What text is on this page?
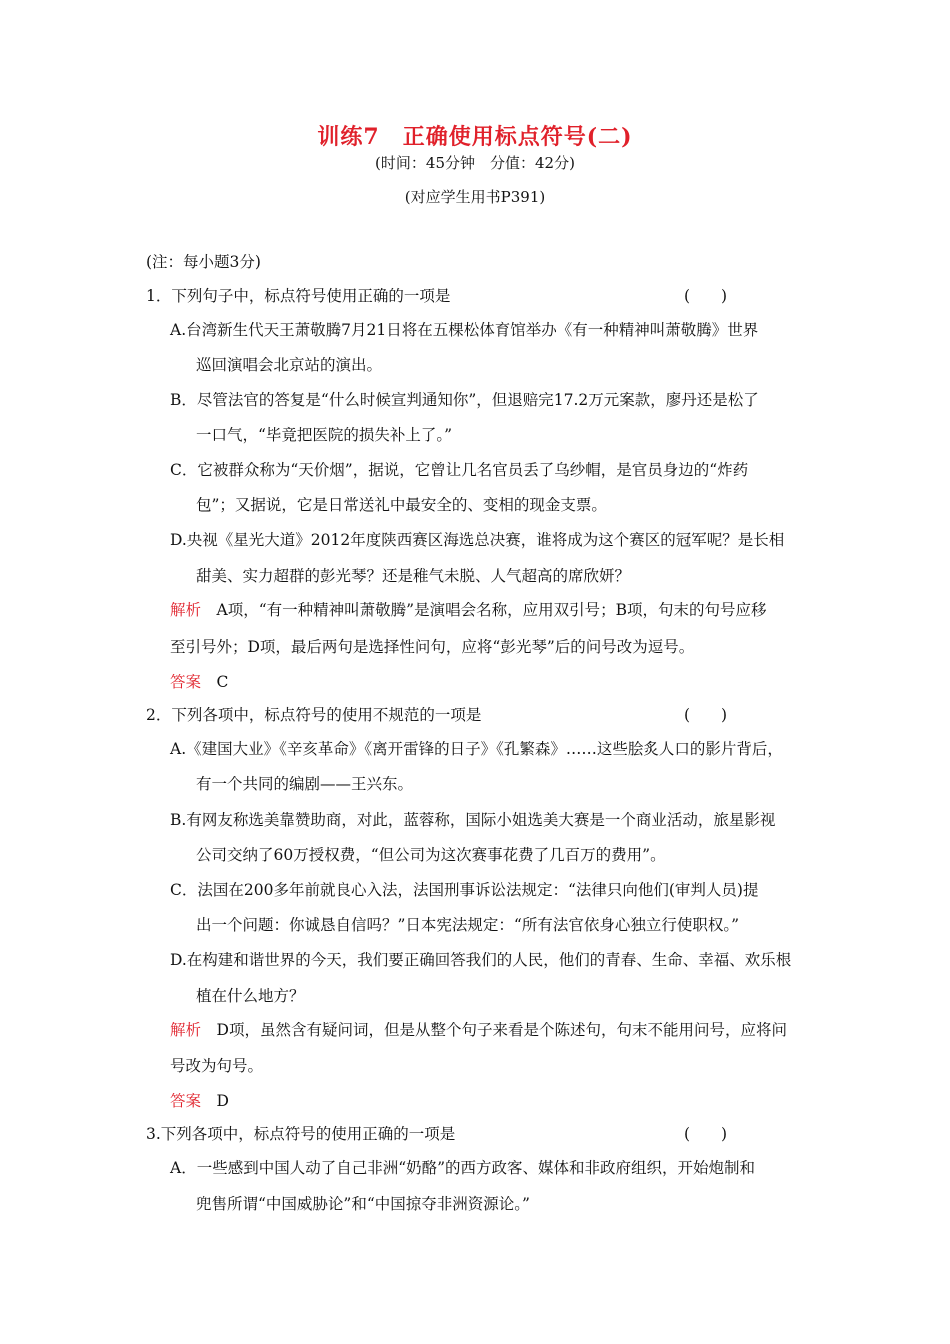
训练7　正确使用标点符号(二)
(时间：45分钟　分值：42分)
(对应学生用书P391)
(注：每小题3分)
1．下列句子中，标点符号使用正确的一项是	(　　)
A.台湾新生代天王萧敬腾7月21日将在五棵松体育馆举办《有一种精神叫萧敬腾》世界
巡回演唱会北京站的演出。
B．尽管法官的答复是“什么时候宣判通知你”，但退赔完17.2万元案款，廖丹还是松了
一口气，“毕竟把医院的损失补上了。”
C．它被群众称为“天价烟”，据说，它曾让几名官员丢了乌纱帽，是官员身边的“炸药
包”；又据说，它是日常送礼中最安全的、变相的现金支票。
D.央视《星光大道》2012年度陕西赛区海选总决赛，谁将成为这个赛区的冠军呢？是长相
甜美、实力超群的彭光琴？还是稚气未脱、人气超高的席欣妍？
解析　 A项，“有一种精神叫萧敬腾”是演唱会名称，应用双引号；B项，句末的句号应移
至引号外；D项，最后两句是选择性问句，应将“彭光琴”后的问号改为逗号。
答案　 C
2．下列各项中，标点符号的使用不规范的一项是	(　　)
A.《建国大业》《辛亥革命》《离开雷锋的日子》《孔繁森》……这些脍炙人口的影片背后，
有一个共同的编剧——王兴东。
B.有网友称选美靠赞助商，对此，蓝蓉称，国际小姐选美大赛是一个商业活动，旅星影视
公司交纳了60万授权费，“但公司为这次赛事花费了几百万的费用”。
C．法国在200多年前就良心入法，法国刑事诉讼法规定：“法律只向他们(审判人员)提
出一个问题：你诚恳自信吗？”日本宪法规定：“所有法官依身心独立行使职权。”
D.在构建和谐世界的今天，我们要正确回答我们的人民，他们的青春、生命、幸福、欢乐根
植在什么地方？
解析　 D项，虽然含有疑问词，但是从整个句子来看是个陈述句，句末不能用问号，应将问
号改为句号。
答案　 D
3.下列各项中，标点符号的使用正确的一项是	(　　)
A．一些感到中国人动了自己非洲“奶酪”的西方政客、媒体和非政府组织，开始炮制和
兜售所谓“中国威胁论”和“中国掠夺非洲资源论。”
